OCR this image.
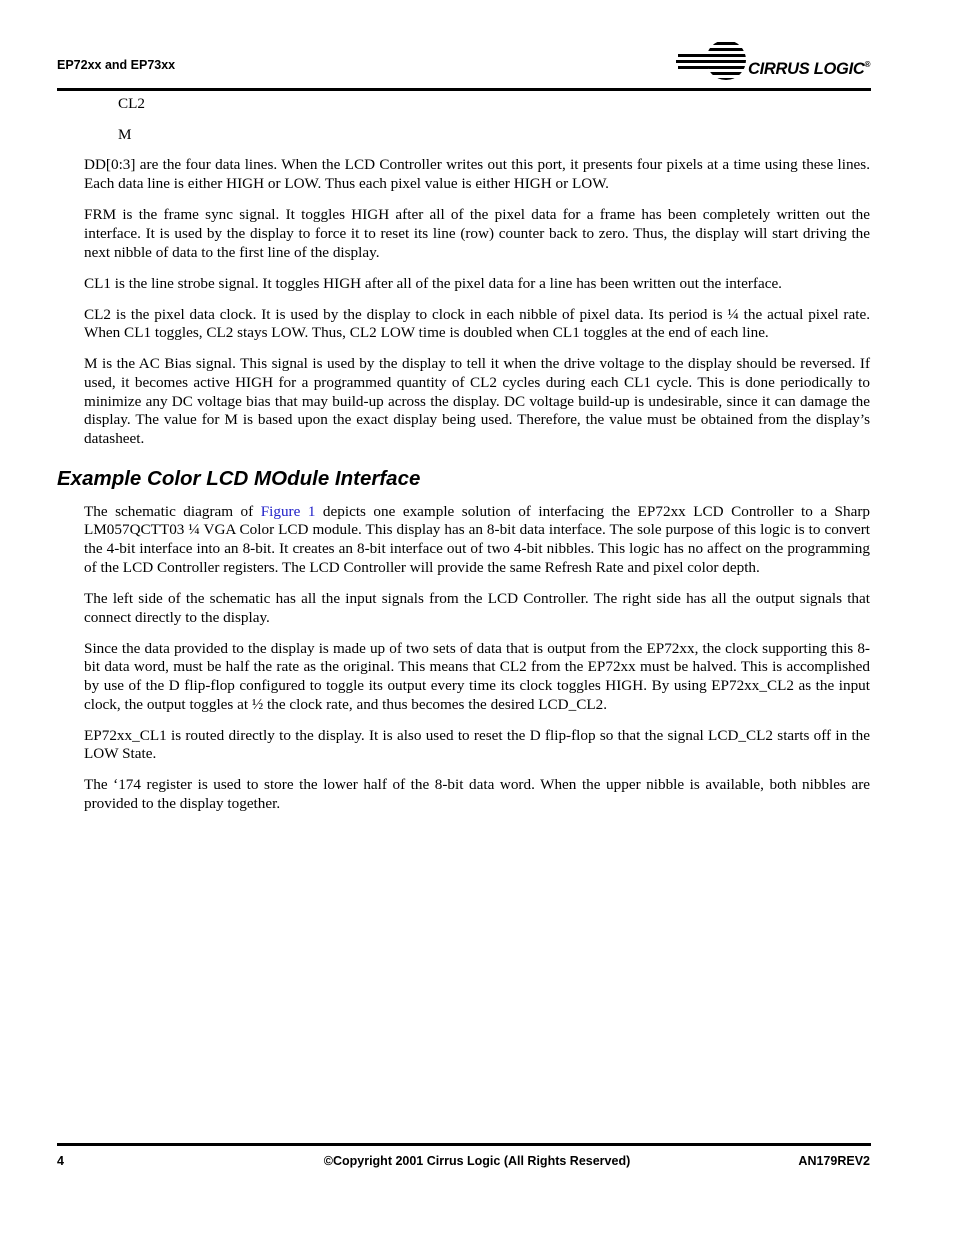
EP72xx and EP73xx	CIRRUS LOGIC®
CL2
M

DD[0:3] are the four data lines. When the LCD Controller writes out this port, it presents four pixels at a time using these lines. Each data line is either HIGH or LOW. Thus each pixel value is either HIGH or LOW.

FRM is the frame sync signal. It toggles HIGH after all of the pixel data for a frame has been completely written out the interface. It is used by the display to force it to reset its line (row) counter back to zero. Thus, the display will start driving the next nibble of data to the first line of the display.

CL1 is the line strobe signal. It toggles HIGH after all of the pixel data for a line has been written out the interface.

CL2 is the pixel data clock. It is used by the display to clock in each nibble of pixel data. Its period is ¼ the actual pixel rate. When CL1 toggles, CL2 stays LOW. Thus, CL2 LOW time is doubled when CL1 toggles at the end of each line.

M is the AC Bias signal. This signal is used by the display to tell it when the drive voltage to the display should be reversed. If used, it becomes active HIGH for a programmed quantity of CL2 cycles during each CL1 cycle. This is done periodically to minimize any DC voltage bias that may build-up across the display. DC voltage build-up is undesirable, since it can damage the display. The value for M is based upon the exact display being used. Therefore, the value must be obtained from the display’s datasheet.

Example Color LCD MOdule Interface

The schematic diagram of Figure 1 depicts one example solution of interfacing the EP72xx LCD Controller to a Sharp LM057QCTT03 ¼ VGA Color LCD module. This display has an 8-bit data interface. The sole purpose of this logic is to convert the 4-bit interface into an 8-bit. It creates an 8-bit interface out of two 4-bit nibbles. This logic has no affect on the programming of the LCD Controller registers. The LCD Controller will provide the same Refresh Rate and pixel color depth.

The left side of the schematic has all the input signals from the LCD Controller. The right side has all the output signals that connect directly to the display.

Since the data provided to the display is made up of two sets of data that is output from the EP72xx, the clock supporting this 8-bit data word, must be half the rate as the original. This means that CL2 from the EP72xx must be halved. This is accomplished by use of the D flip-flop configured to toggle its output every time its clock toggles HIGH. By using EP72xx_CL2 as the input clock, the output toggles at ½ the clock rate, and thus becomes the desired LCD_CL2.

EP72xx_CL1 is routed directly to the display. It is also used to reset the D flip-flop so that the signal LCD_CL2 starts off in the LOW State.

The ‘174 register is used to store the lower half of the 8-bit data word. When the upper nibble is available, both nibbles are provided to the display together.

4	©Copyright 2001 Cirrus Logic (All Rights Reserved)	AN179REV2
